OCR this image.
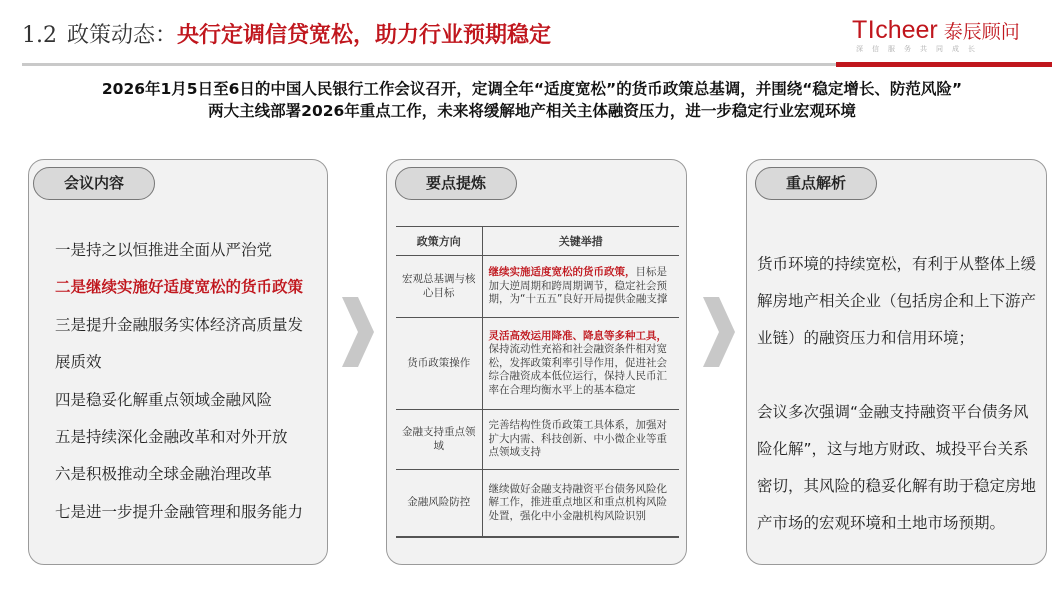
1.2 政策动态： 央行定调信贷宽松，助力行业预期稳定	TI cheer 泰辰顾问
深信服务共同成长
2026年1月5日至6日的中国人民银行工作会议召开，定调全年“适度宽松”的货币政策总基调，并围绕“稳定增长、防范风险”
两大主线部署2026年重点工作，未来将缓解地产相关主体融资压力，进一步稳定行业宏观环境
会议内容
一是持之以恒推进全面从严治党
二是继续实施好适度宽松的货币政策
三是提升金融服务实体经济高质量发
展质效
四是稳妥化解重点领域金融风险
五是持续深化金融改革和对外开放
六是积极推动全球金融治理改革
七是进一步提升金融管理和服务能力
要点提炼
政策方向	关键举措
宏观总基调与核心目标	继续实施适度宽松的货币政策，目标是加大逆周期和跨周期调节，稳定社会预期，为“十五五”良好开局提供金融支撑
货币政策操作	灵活高效运用降准、降息等多种工具，保持流动性充裕和社会融资条件相对宽松，发挥政策利率引导作用，促进社会综合融资成本低位运行，保持人民币汇率在合理均衡水平上的基本稳定
金融支持重点领域	完善结构性货币政策工具体系，加强对扩大内需、科技创新、中小微企业等重点领域支持
金融风险防控	继续做好金融支持融资平台债务风险化解工作，推进重点地区和重点机构风险处置，强化中小金融机构风险识别
重点解析

货币环境的持续宽松，有利于从整体上缓解房地产相关企业（包括房企和上下游产业链）的融资压力和信用环境；

会议多次强调“金融支持融资平台债务风险化解”，这与地方财政、城投平台关系密切，其风险的稳妥化解有助于稳定房地产市场的宏观环境和土地市场预期。
